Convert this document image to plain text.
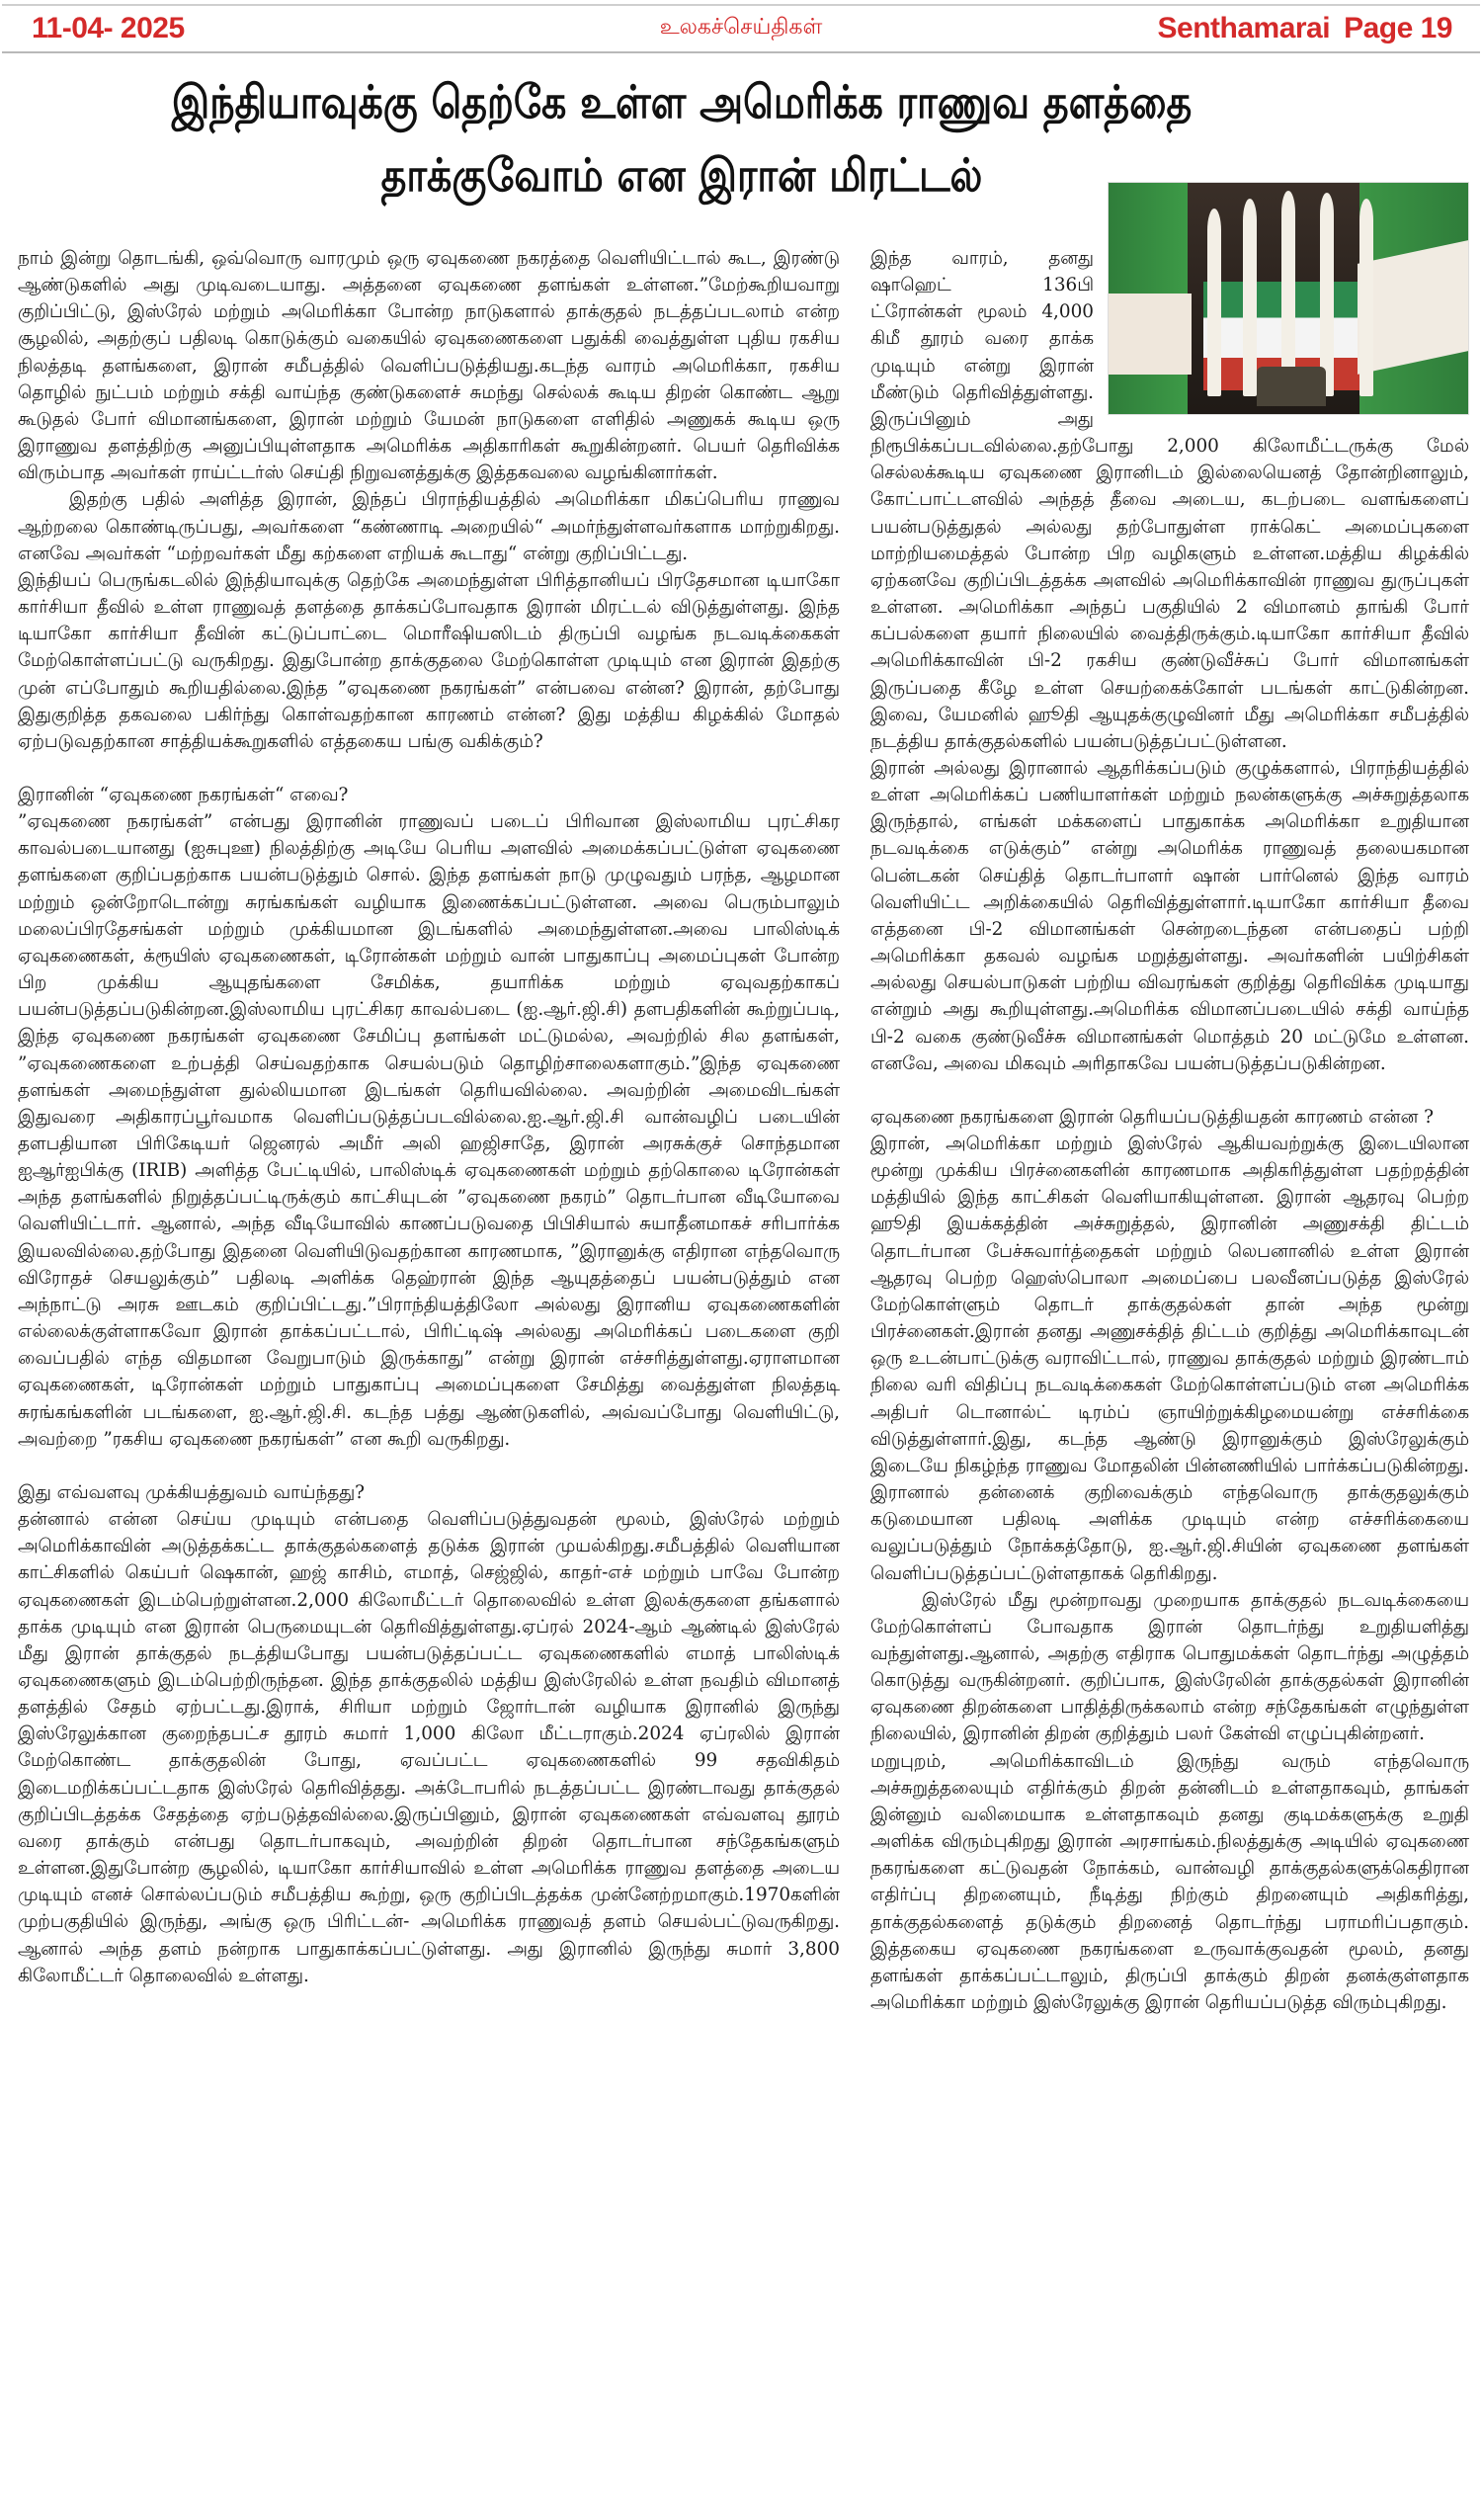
11-04- 2025	உலகச்செய்திகள்	Senthamarai Page 19
இந்தியாவுக்கு தெற்கே உள்ள அமெரிக்க ராணுவ தளத்தை
தாக்குவோம் என இரான் மிரட்டல்

நாம் இன்று தொடங்கி, ஒவ்வொரு வாரமும் ஒரு ஏவுகணை நகரத்தை வெளியிட்டால் கூட, இரண்டு ஆண்டுகளில் அது முடிவடையாது. அத்தனை ஏவுகணை தளங்கள் உள்ளன.”மேற்கூறியவாறு குறிப்பிட்டு, இஸ்ரேல் மற்றும் அமெரிக்கா போன்ற நாடுகளால் தாக்குதல் நடத்தப்படலாம் என்ற சூழலில், அதற்குப் பதிலடி கொடுக்கும் வகையில் ஏவுகணைகளை பதுக்கி வைத்துள்ள புதிய ரகசிய நிலத்தடி தளங்களை, இரான் சமீபத்தில் வெளிப்படுத்தியது.கடந்த வாரம் அமெரிக்கா, ரகசிய தொழில் நுட்பம் மற்றும் சக்தி வாய்ந்த குண்டுகளைச் சுமந்து செல்லக் கூடிய திறன் கொண்ட ஆறு கூடுதல் போர் விமானங்களை, இரான் மற்றும் யேமன் நாடுகளை எளிதில் அணுகக் கூடிய ஒரு இராணுவ தளத்திற்கு அனுப்பியுள்ளதாக அமெரிக்க அதிகாரிகள் கூறுகின்றனர். பெயர் தெரிவிக்க விரும்பாத அவர்கள் ராய்ட்டர்ஸ் செய்தி நிறுவனத்துக்கு இத்தகவலை வழங்கினார்கள்.

இதற்கு பதில் அளித்த இரான், இந்தப் பிராந்தியத்தில் அமெரிக்கா மிகப்பெரிய ராணுவ ஆற்றலை கொண்டிருப்பது, அவர்களை “கண்ணாடி அறையில்“ அமர்ந்துள்ளவர்களாக மாற்றுகிறது. எனவே அவர்கள் “மற்றவர்கள் மீது கற்களை எறியக் கூடாது“ என்று குறிப்பிட்டது.

இந்தியப் பெருங்கடலில் இந்தியாவுக்கு தெற்கே அமைந்துள்ள பிரித்தானியப் பிரதேசமான டியாகோ கார்சியா தீவில் உள்ள ராணுவத் தளத்தை தாக்கப்போவதாக இரான் மிரட்டல் விடுத்துள்ளது. இந்த டியாகோ கார்சியா தீவின் கட்டுப்பாட்டை மொரீஷியஸிடம் திருப்பி வழங்க நடவடிக்கைகள் மேற்கொள்ளப்பட்டு வருகிறது. இதுபோன்ற தாக்குதலை மேற்கொள்ள முடியும் என இரான் இதற்கு முன் எப்போதும் கூறியதில்லை.இந்த ”ஏவுகணை நகரங்கள்” என்பவை என்ன? இரான், தற்போது இதுகுறித்த தகவலை பகிர்ந்து கொள்வதற்கான காரணம் என்ன? இது மத்திய கிழக்கில் மோதல் ஏற்படுவதற்கான சாத்தியக்கூறுகளில் எத்தகைய பங்கு வகிக்கும்?

இரானின் “ஏவுகணை நகரங்கள்“ எவை?

”ஏவுகணை நகரங்கள்” என்பது இரானின் ராணுவப் படைப் பிரிவான இஸ்லாமிய புரட்சிகர காவல்படையானது (ஐசுபுஊ) நிலத்திற்கு அடியே பெரிய அளவில் அமைக்கப்பட்டுள்ள ஏவுகணை தளங்களை குறிப்பதற்காக பயன்படுத்தும் சொல். இந்த தளங்கள் நாடு முழுவதும் பரந்த, ஆழமான மற்றும் ஒன்றோடொன்று சுரங்கங்கள் வழியாக இணைக்கப்பட்டுள்ளன. அவை பெரும்பாலும் மலைப்பிரதேசங்கள் மற்றும் முக்கியமான இடங்களில் அமைந்துள்ளன.அவை பாலிஸ்டிக் ஏவுகணைகள், க்ரூயிஸ் ஏவுகணைகள், டிரோன்கள் மற்றும் வான் பாதுகாப்பு அமைப்புகள் போன்ற பிற முக்கிய ஆயுதங்களை சேமிக்க, தயாரிக்க மற்றும் ஏவுவதற்காகப் பயன்படுத்தப்படுகின்றன.இஸ்லாமிய புரட்சிகர காவல்படை (ஐ.ஆர்.ஜி.சி) தளபதிகளின் கூற்றுப்படி, இந்த ஏவுகணை நகரங்கள் ஏவுகணை சேமிப்பு தளங்கள் மட்டுமல்ல, அவற்றில் சில தளங்கள், ”ஏவுகணைகளை உற்பத்தி செய்வதற்காக செயல்படும் தொழிற்சாலைகளாகும்.”இந்த ஏவுகணை தளங்கள் அமைந்துள்ள துல்லியமான இடங்கள் தெரியவில்லை. அவற்றின் அமைவிடங்கள் இதுவரை அதிகாரப்பூர்வமாக வெளிப்படுத்தப்படவில்லை.ஐ.ஆர்.ஜி.சி வான்வழிப் படையின் தளபதியான பிரிகேடியர் ஜெனரல் அமீர் அலி ஹஜிசாதே, இரான் அரசுக்குச் சொந்தமான ஐஆர்ஐபிக்கு (IRIB) அளித்த பேட்டியில், பாலிஸ்டிக் ஏவுகணைகள் மற்றும் தற்கொலை டிரோன்கள் அந்த தளங்களில் நிறுத்தப்பட்டிருக்கும் காட்சியுடன் ”ஏவுகணை நகரம்” தொடர்பான வீடியோவை வெளியிட்டார். ஆனால், அந்த வீடியோவில் காணப்படுவதை பிபிசியால் சுயாதீனமாகச் சரிபார்க்க இயலவில்லை.தற்போது இதனை வெளியிடுவதற்கான காரணமாக, ”இரானுக்கு எதிரான எந்தவொரு விரோதச் செயலுக்கும்” பதிலடி அளிக்க தெஹ்ரான் இந்த ஆயுதத்தைப் பயன்படுத்தும் என அந்நாட்டு அரசு ஊடகம் குறிப்பிட்டது.”பிராந்தியத்திலோ அல்லது இரானிய ஏவுகணைகளின் எல்லைக்குள்ளாகவோ இரான் தாக்கப்பட்டால், பிரிட்டிஷ் அல்லது அமெரிக்கப் படைகளை குறி வைப்பதில் எந்த விதமான வேறுபாடும் இருக்காது” என்று இரான் எச்சரித்துள்ளது.ஏராளமான ஏவுகணைகள், டிரோன்கள் மற்றும் பாதுகாப்பு அமைப்புகளை சேமித்து வைத்துள்ள நிலத்தடி சுரங்கங்களின் படங்களை, ஐ.ஆர்.ஜி.சி. கடந்த பத்து ஆண்டுகளில், அவ்வப்போது வெளியிட்டு, அவற்றை ”ரகசிய ஏவுகணை நகரங்கள்” என கூறி வருகிறது.

இது எவ்வளவு முக்கியத்துவம் வாய்ந்தது?

தன்னால் என்ன செய்ய முடியும் என்பதை வெளிப்படுத்துவதன் மூலம், இஸ்ரேல் மற்றும் அமெரிக்காவின் அடுத்தக்கட்ட தாக்குதல்களைத் தடுக்க இரான் முயல்கிறது.சமீபத்தில் வெளியான காட்சிகளில் கெய்பர் ஷெகான், ஹஜ் காசிம், எமாத், செஜ்ஜில், காதர்-எச் மற்றும் பாவே போன்ற ஏவுகணைகள் இடம்பெற்றுள்ளன.2,000 கிலோமீட்டர் தொலைவில் உள்ள இலக்குகளை தங்களால் தாக்க முடியும் என இரான் பெருமையுடன் தெரிவித்துள்ளது.ஏப்ரல் 2024-ஆம் ஆண்டில் இஸ்ரேல் மீது இரான் தாக்குதல் நடத்தியபோது பயன்படுத்தப்பட்ட ஏவுகணைகளில் எமாத் பாலிஸ்டிக் ஏவுகணைகளும் இடம்பெற்றிருந்தன. இந்த தாக்குதலில் மத்திய இஸ்ரேலில் உள்ள நவதிம் விமானத் தளத்தில் சேதம் ஏற்பட்டது.இராக், சிரியா மற்றும் ஜோர்டான் வழியாக இரானில் இருந்து இஸ்ரேலுக்கான குறைந்தபட்ச தூரம் சுமார் 1,000 கிலோ மீட்டராகும்.2024 ஏப்ரலில் இரான் மேற்கொண்ட தாக்குதலின் போது, ஏவப்பட்ட ஏவுகணைகளில் 99 சதவிகிதம் இடைமறிக்கப்பட்டதாக இஸ்ரேல் தெரிவித்தது. அக்டோபரில் நடத்தப்பட்ட இரண்டாவது தாக்குதல் குறிப்பிடத்தக்க சேதத்தை ஏற்படுத்தவில்லை.இருப்பினும், இரான் ஏவுகணைகள் எவ்வளவு தூரம் வரை தாக்கும் என்பது தொடர்பாகவும், அவற்றின் திறன் தொடர்பான சந்தேகங்களும் உள்ளன.இதுபோன்ற சூழலில், டியாகோ கார்சியாவில் உள்ள அமெரிக்க ராணுவ தளத்தை அடைய முடியும் எனச் சொல்லப்படும் சமீபத்திய கூற்று, ஒரு குறிப்பிடத்தக்க முன்னேற்றமாகும்.1970களின் முற்பகுதியில் இருந்து, அங்கு ஒரு பிரிட்டன்- அமெரிக்க ராணுவத் தளம் செயல்பட்டுவருகிறது. ஆனால் அந்த தளம் நன்றாக பாதுகாக்கப்பட்டுள்ளது. அது இரானில் இருந்து சுமார் 3,800 கிலோமீட்டர் தொலைவில் உள்ளது.

இந்த வாரம், தனது ஷாஹெட் 136பி ட்ரோன்கள் மூலம் 4,000 கிமீ தூரம் வரை தாக்க முடியும் என்று இரான் மீண்டும் தெரிவித்துள்ளது. இருப்பினும் அது நிரூபிக்கப்படவில்லை.தற்போது 2,000 கிலோமீட்டருக்கு மேல் செல்லக்கூடிய ஏவுகணை இரானிடம் இல்லையெனத் தோன்றினாலும், கோட்பாட்டளவில் அந்தத் தீவை அடைய, கடற்படை வளங்களைப் பயன்படுத்துதல் அல்லது தற்போதுள்ள ராக்கெட் அமைப்புகளை மாற்றியமைத்தல் போன்ற பிற வழிகளும் உள்ளன.மத்திய கிழக்கில் ஏற்கனவே குறிப்பிடத்தக்க அளவில் அமெரிக்காவின் ராணுவ துருப்புகள் உள்ளன. அமெரிக்கா அந்தப் பகுதியில் 2 விமானம் தாங்கி போர் கப்பல்களை தயார் நிலையில் வைத்திருக்கும்.டியாகோ கார்சியா தீவில் அமெரிக்காவின் பி-2 ரகசிய குண்டுவீச்சுப் போர் விமானங்கள் இருப்பதை கீழே உள்ள செயற்கைக்கோள் படங்கள் காட்டுகின்றன. இவை, யேமனில் ஹூதி ஆயுதக்குழுவினர் மீது அமெரிக்கா சமீபத்தில் நடத்திய தாக்குதல்களில் பயன்படுத்தப்பட்டுள்ளன.

இரான் அல்லது இரானால் ஆதரிக்கப்படும் குழுக்களால், பிராந்தியத்தில் உள்ள அமெரிக்கப் பணியாளர்கள் மற்றும் நலன்களுக்கு அச்சுறுத்தலாக இருந்தால், எங்கள் மக்களைப் பாதுகாக்க அமெரிக்கா உறுதியான நடவடிக்கை எடுக்கும்” என்று அமெரிக்க ராணுவத் தலையகமான பென்டகன் செய்தித் தொடர்பாளர் ஷான் பார்னெல் இந்த வாரம் வெளியிட்ட அறிக்கையில் தெரிவித்துள்ளார்.டியாகோ கார்சியா தீவை எத்தனை பி-2 விமானங்கள் சென்றடைந்தன என்பதைப் பற்றி அமெரிக்கா தகவல் வழங்க மறுத்துள்ளது. அவர்களின் பயிற்சிகள் அல்லது செயல்பாடுகள் பற்றிய விவரங்கள் குறித்து தெரிவிக்க முடியாது என்றும் அது கூறியுள்ளது.அமெரிக்க விமானப்படையில் சக்தி வாய்ந்த பி-2 வகை குண்டுவீச்சு விமானங்கள் மொத்தம் 20 மட்டுமே உள்ளன. எனவே, அவை மிகவும் அரிதாகவே பயன்படுத்தப்படுகின்றன.

ஏவுகணை நகரங்களை இரான் தெரியப்படுத்தியதன் காரணம் என்ன ?

இரான், அமெரிக்கா மற்றும் இஸ்ரேல் ஆகியவற்றுக்கு இடையிலான மூன்று முக்கிய பிரச்னைகளின் காரணமாக அதிகரித்துள்ள பதற்றத்தின் மத்தியில் இந்த காட்சிகள் வெளியாகியுள்ளன. இரான் ஆதரவு பெற்ற ஹூதி இயக்கத்தின் அச்சுறுத்தல், இரானின் அணுசக்தி திட்டம் தொடர்பான பேச்சுவார்த்தைகள் மற்றும் லெபனானில் உள்ள இரான் ஆதரவு பெற்ற ஹெஸ்பொலா அமைப்பை பலவீனப்படுத்த இஸ்ரேல் மேற்கொள்ளும் தொடர் தாக்குதல்கள் தான் அந்த மூன்று பிரச்னைகள்.இரான் தனது அணுசக்தித் திட்டம் குறித்து அமெரிக்காவுடன் ஒரு உடன்பாட்டுக்கு வராவிட்டால், ராணுவ தாக்குதல் மற்றும் இரண்டாம் நிலை வரி விதிப்பு நடவடிக்கைகள் மேற்கொள்ளப்படும் என அமெரிக்க அதிபர் டொனால்ட் டிரம்ப் ஞாயிற்றுக்கிழமையன்று எச்சரிக்கை விடுத்துள்ளார்.இது, கடந்த ஆண்டு இரானுக்கும் இஸ்ரேலுக்கும் இடையே நிகழ்ந்த ராணுவ மோதலின் பின்னணியில் பார்க்கப்படுகின்றது. இரானால் தன்னைக் குறிவைக்கும் எந்தவொரு தாக்குதலுக்கும் கடுமையான பதிலடி அளிக்க முடியும் என்ற எச்சரிக்கையை வலுப்படுத்தும் நோக்கத்தோடு, ஐ.ஆர்.ஜி.சியின் ஏவுகணை தளங்கள் வெளிப்படுத்தப்பட்டுள்ளதாகக் தெரிகிறது.

இஸ்ரேல் மீது மூன்றாவது முறையாக தாக்குதல் நடவடிக்கையை மேற்கொள்ளப் போவதாக இரான் தொடர்ந்து உறுதியளித்து வந்துள்ளது.ஆனால், அதற்கு எதிராக பொதுமக்கள் தொடர்ந்து அழுத்தம் கொடுத்து வருகின்றனர். குறிப்பாக, இஸ்ரேலின் தாக்குதல்கள் இரானின் ஏவுகணை திறன்களை பாதித்திருக்கலாம் என்ற சந்தேகங்கள் எழுந்துள்ள நிலையில், இரானின் திறன் குறித்தும் பலர் கேள்வி எழுப்புகின்றனர்.

மறுபுறம், அமெரிக்காவிடம் இருந்து வரும் எந்தவொரு அச்சுறுத்தலையும் எதிர்க்கும் திறன் தன்னிடம் உள்ளதாகவும், தாங்கள் இன்னும் வலிமையாக உள்ளதாகவும் தனது குடிமக்களுக்கு உறுதி அளிக்க விரும்புகிறது இரான் அரசாங்கம்.நிலத்துக்கு அடியில் ஏவுகணை நகரங்களை கட்டுவதன் நோக்கம், வான்வழி தாக்குதல்களுக்கெதிரான எதிர்ப்பு திறனையும், நீடித்து நிற்கும் திறனையும் அதிகரித்து, தாக்குதல்களைத் தடுக்கும் திறனைத் தொடர்ந்து பராமரிப்பதாகும். இத்தகைய ஏவுகணை நகரங்களை உருவாக்குவதன் மூலம், தனது தளங்கள் தாக்கப்பட்டாலும், திருப்பி தாக்கும் திறன் தனக்குள்ளதாக அமெரிக்கா மற்றும் இஸ்ரேலுக்கு இரான் தெரியப்படுத்த விரும்புகிறது.
